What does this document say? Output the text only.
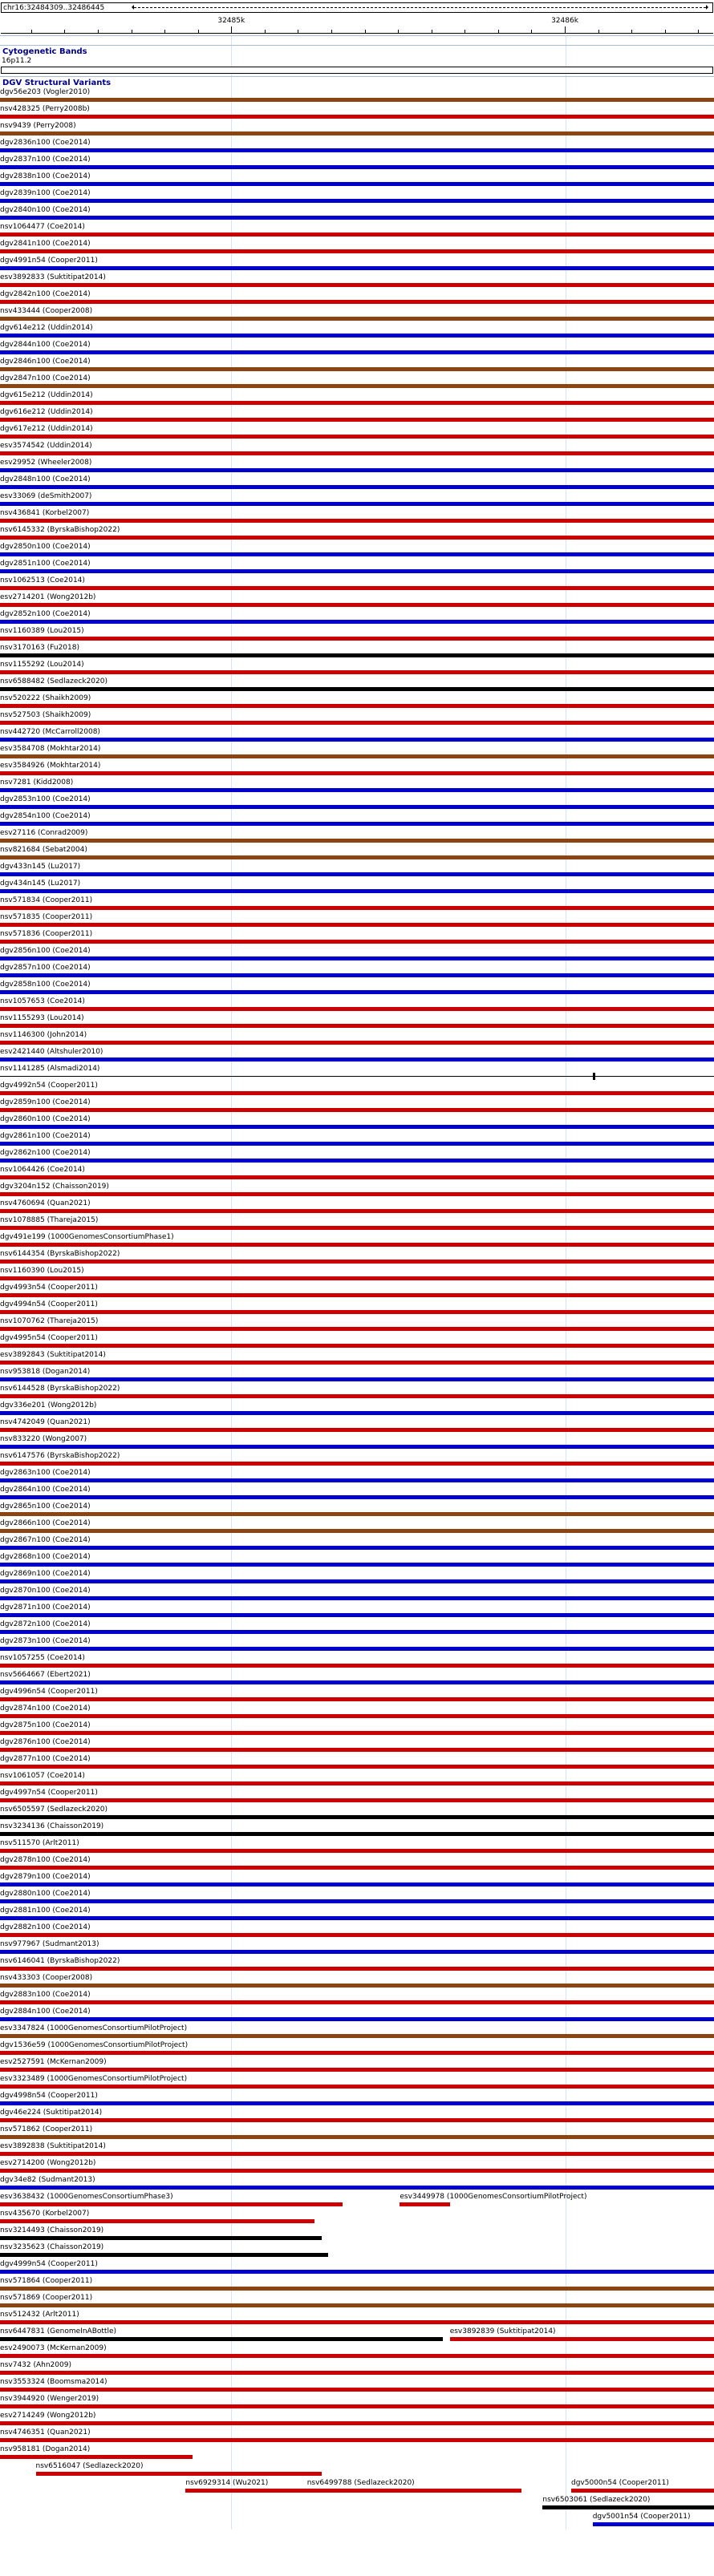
chr16:32484309..32486445
32485k	32486k
Cytogenetic Bands
16p11.2
DGV Structural Variants
dgv56e203 (Vogler2010)
nsv428325 (Perry2008b)
nsv9439 (Perry2008)
dgv2836n100 (Coe2014)
dgv2837n100 (Coe2014)
dgv2838n100 (Coe2014)
dgv2839n100 (Coe2014)
dgv2840n100 (Coe2014)
nsv1064477 (Coe2014)
dgv2841n100 (Coe2014)
dgv4991n54 (Cooper2011)
esv3892833 (Suktitipat2014)
dgv2842n100 (Coe2014)
nsv433444 (Cooper2008)
dgv614e212 (Uddin2014)
dgv2844n100 (Coe2014)
dgv2846n100 (Coe2014)
dgv2847n100 (Coe2014)
dgv615e212 (Uddin2014)
dgv616e212 (Uddin2014)
dgv617e212 (Uddin2014)
esv3574542 (Uddin2014)
esv29952 (Wheeler2008)
dgv2848n100 (Coe2014)
esv33069 (deSmith2007)
nsv436841 (Korbel2007)
nsv6145332 (ByrskaBishop2022)
dgv2850n100 (Coe2014)
dgv2851n100 (Coe2014)
nsv1062513 (Coe2014)
esv2714201 (Wong2012b)
dgv2852n100 (Coe2014)
nsv1160389 (Lou2015)
nsv3170163 (Fu2018)
nsv1155292 (Lou2014)
nsv6588482 (Sedlazeck2020)
nsv520222 (Shaikh2009)
nsv527503 (Shaikh2009)
nsv442720 (McCarroll2008)
esv3584708 (Mokhtar2014)
esv3584926 (Mokhtar2014)
nsv7281 (Kidd2008)
dgv2853n100 (Coe2014)
dgv2854n100 (Coe2014)
esv27116 (Conrad2009)
nsv821684 (Sebat2004)
dgv433n145 (Lu2017)
dgv434n145 (Lu2017)
nsv571834 (Cooper2011)
nsv571835 (Cooper2011)
nsv571836 (Cooper2011)
dgv2856n100 (Coe2014)
dgv2857n100 (Coe2014)
dgv2858n100 (Coe2014)
nsv1057653 (Coe2014)
nsv1155293 (Lou2014)
nsv1146300 (John2014)
esv2421440 (Altshuler2010)
nsv1141285 (Alsmadi2014)
dgv4992n54 (Cooper2011)
dgv2859n100 (Coe2014)
dgv2860n100 (Coe2014)
dgv2861n100 (Coe2014)
dgv2862n100 (Coe2014)
nsv1064426 (Coe2014)
dgv3204n152 (Chaisson2019)
nsv4760694 (Quan2021)
nsv1078885 (Thareja2015)
dgv491e199 (1000GenomesConsortiumPhase1)
nsv6144354 (ByrskaBishop2022)
nsv1160390 (Lou2015)
dgv4993n54 (Cooper2011)
dgv4994n54 (Cooper2011)
nsv1070762 (Thareja2015)
dgv4995n54 (Cooper2011)
esv3892843 (Suktitipat2014)
nsv953818 (Dogan2014)
nsv6144528 (ByrskaBishop2022)
dgv336e201 (Wong2012b)
nsv4742049 (Quan2021)
nsv833220 (Wong2007)
nsv6147576 (ByrskaBishop2022)
dgv2863n100 (Coe2014)
dgv2864n100 (Coe2014)
dgv2865n100 (Coe2014)
dgv2866n100 (Coe2014)
dgv2867n100 (Coe2014)
dgv2868n100 (Coe2014)
dgv2869n100 (Coe2014)
dgv2870n100 (Coe2014)
dgv2871n100 (Coe2014)
dgv2872n100 (Coe2014)
dgv2873n100 (Coe2014)
nsv1057255 (Coe2014)
nsv5664667 (Ebert2021)
dgv4996n54 (Cooper2011)
dgv2874n100 (Coe2014)
dgv2875n100 (Coe2014)
dgv2876n100 (Coe2014)
dgv2877n100 (Coe2014)
nsv1061057 (Coe2014)
dgv4997n54 (Cooper2011)
nsv6505597 (Sedlazeck2020)
nsv3234136 (Chaisson2019)
nsv511570 (Arlt2011)
dgv2878n100 (Coe2014)
dgv2879n100 (Coe2014)
dgv2880n100 (Coe2014)
dgv2881n100 (Coe2014)
dgv2882n100 (Coe2014)
nsv977967 (Sudmant2013)
nsv6146041 (ByrskaBishop2022)
nsv433303 (Cooper2008)
dgv2883n100 (Coe2014)
dgv2884n100 (Coe2014)
esv3347824 (1000GenomesConsortiumPilotProject)
dgv1536e59 (1000GenomesConsortiumPilotProject)
esv2527591 (McKernan2009)
esv3323489 (1000GenomesConsortiumPilotProject)
dgv4998n54 (Cooper2011)
dgv46e224 (Suktitipat2014)
nsv571862 (Cooper2011)
esv3892838 (Suktitipat2014)
esv2714200 (Wong2012b)
dgv34e82 (Sudmant2013)
esv3638432 (1000GenomesConsortiumPhase3)	esv3449978 (1000GenomesConsortiumPilotProject)
nsv435670 (Korbel2007)
nsv3214493 (Chaisson2019)
nsv3235623 (Chaisson2019)
dgv4999n54 (Cooper2011)
nsv571864 (Cooper2011)
nsv571869 (Cooper2011)
nsv512432 (Arlt2011)
nsv6447831 (GenomeInABottle)	esv3892839 (Suktitipat2014)
esv2490073 (McKernan2009)
nsv7432 (Ahn2009)
nsv3553324 (Boomsma2014)
nsv3944920 (Wenger2019)
esv2714249 (Wong2012b)
nsv4746351 (Quan2021)
nsv958181 (Dogan2014)
nsv6516047 (Sedlazeck2020)
nsv6929314 (Wu2021)	nsv6499788 (Sedlazeck2020)	dgv5000n54 (Cooper2011)
nsv6503061 (Sedlazeck2020)
dgv5001n54 (Cooper2011)
